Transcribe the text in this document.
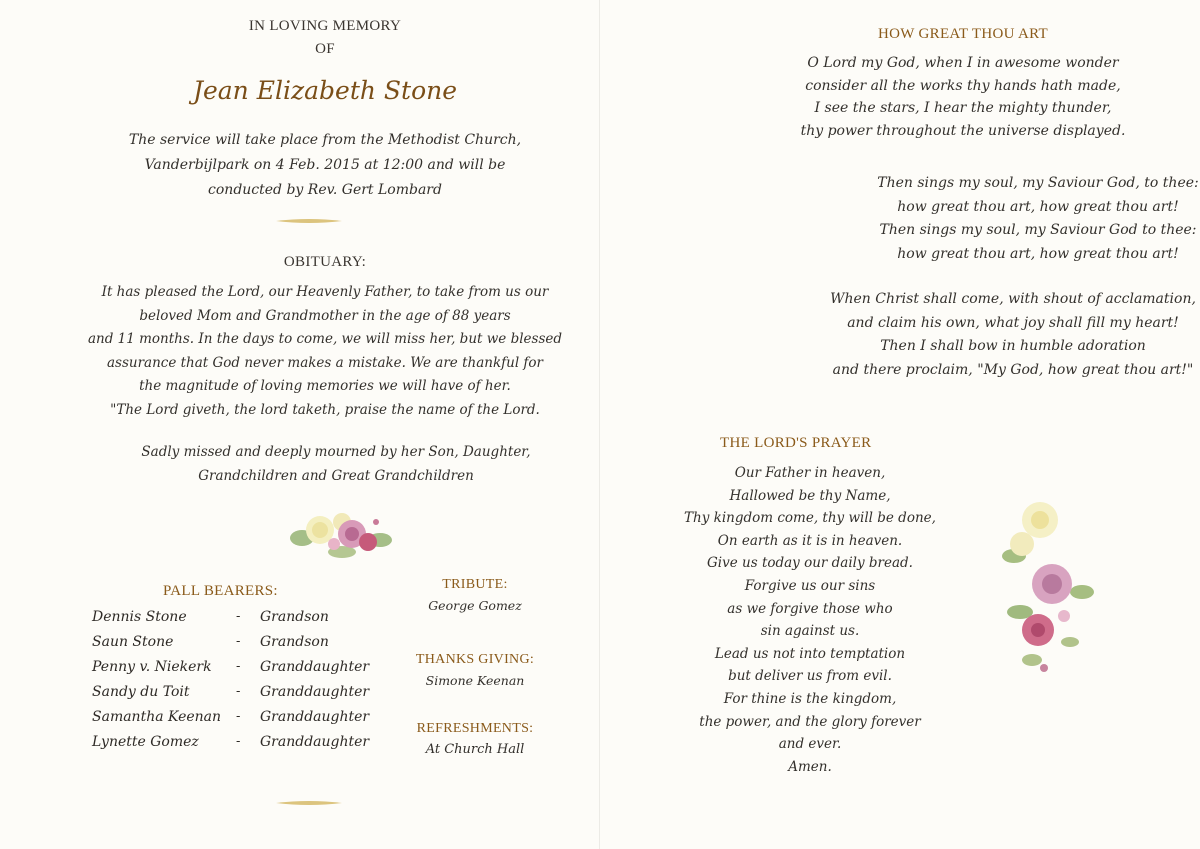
IN LOVING MEMORY
OF
Jean Elizabeth Stone
The service will take place from the Methodist Church,
Vanderbijlpark on 4 Feb. 2015 at 12:00 and will be
conducted by Rev. Gert Lombard
OBITUARY:
It has pleased the Lord, our Heavenly Father, to take from us our
beloved Mom and Grandmother in the age of 88 years
and 11 months. In the days to come, we will miss her, but we blessed
assurance that God never makes a mistake. We are thankful for
the magnitude of loving memories we will have of her.
"The Lord giveth, the lord taketh, praise the name of the Lord.
Sadly missed and deeply mourned by her Son, Daughter,
Grandchildren and Great Grandchildren
PALL BEARERS:
Dennis Stone	- Grandson
Saun Stone	- Grandson
Penny v. Niekerk - Granddaughter
Sandy du Toit	- Granddaughter
Samantha Keenan - Granddaughter
Lynette Gomez	- Granddaughter
TRIBUTE:
George Gomez
THANKS GIVING:
Simone Keenan
REFRESHMENTS:
At Church Hall
HOW GREAT THOU ART
O Lord my God, when I in awesome wonder
consider all the works thy hands hath made,
I see the stars, I hear the mighty thunder,
thy power throughout the universe displayed.
Then sings my soul, my Saviour God, to thee:
how great thou art, how great thou art!
Then sings my soul, my Saviour God to thee:
how great thou art, how great thou art!
When Christ shall come, with shout of acclamation,
and claim his own, what joy shall fill my heart!
Then I shall bow in humble adoration
and there proclaim, "My God, how great thou art!"
THE LORD'S PRAYER
Our Father in heaven,
Hallowed be thy Name,
Thy kingdom come, thy will be done,
On earth as it is in heaven.
Give us today our daily bread.
Forgive us our sins
as we forgive those who
sin against us.
Lead us not into temptation
but deliver us from evil.
For thine is the kingdom,
the power, and the glory forever
and ever.
Amen.
